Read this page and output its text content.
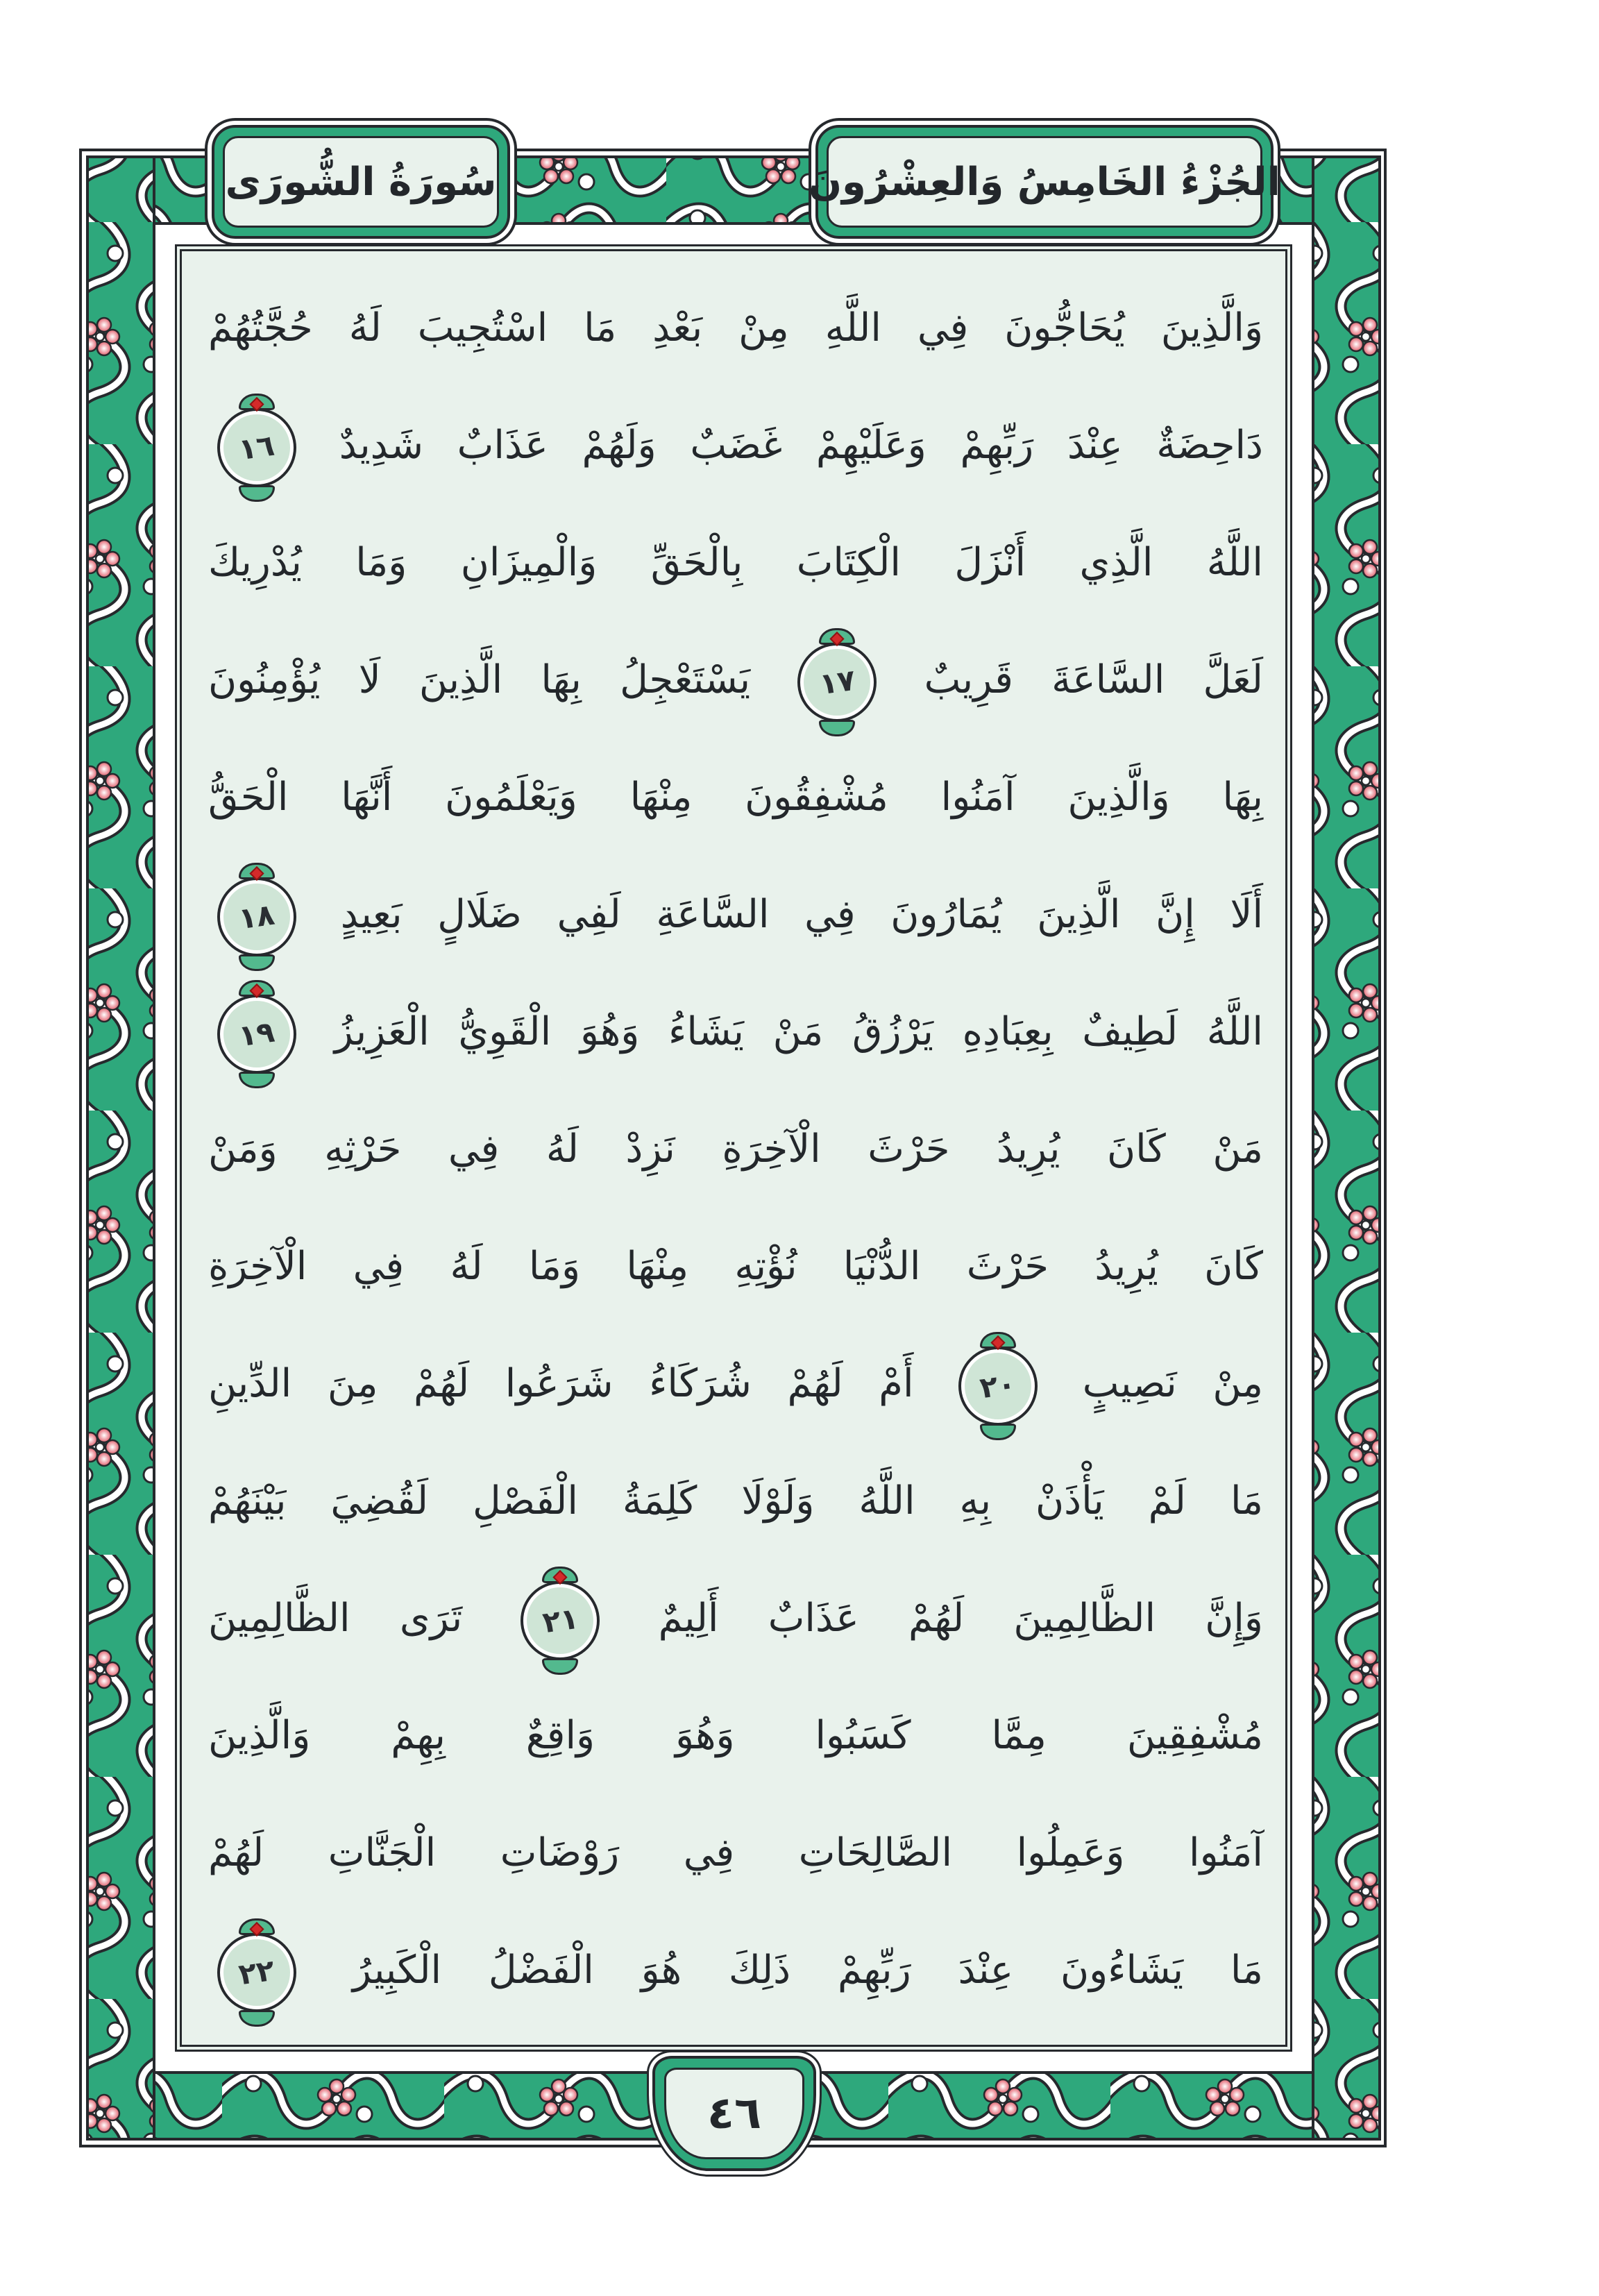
الجُزْءُ الخَامِسُ وَالعِشْرُونَ
سُورَةُ الشُّورَى
وَالَّذِينَ يُحَاجُّونَ فِي اللَّهِ مِنْ بَعْدِ مَا اسْتُجِيبَ لَهُ حُجَّتُهُمْ
دَاحِضَةٌ عِنْدَ رَبِّهِمْ وَعَلَيْهِمْ غَضَبٌ وَلَهُمْ عَذَابٌ شَدِيدٌ
١٦
اللَّهُ الَّذِي أَنْزَلَ الْكِتَابَ بِالْحَقِّ وَالْمِيزَانِ وَمَا يُدْرِيكَ
لَعَلَّ السَّاعَةَ قَرِيبٌ
١٧
يَسْتَعْجِلُ بِهَا الَّذِينَ لَا يُؤْمِنُونَ
بِهَا وَالَّذِينَ آمَنُوا مُشْفِقُونَ مِنْهَا وَيَعْلَمُونَ أَنَّهَا الْحَقُّ
أَلَا إِنَّ الَّذِينَ يُمَارُونَ فِي السَّاعَةِ لَفِي ضَلَالٍ بَعِيدٍ
١٨
اللَّهُ لَطِيفٌ بِعِبَادِهِ يَرْزُقُ مَنْ يَشَاءُ وَهُوَ الْقَوِيُّ الْعَزِيزُ
١٩
مَنْ كَانَ يُرِيدُ حَرْثَ الْآخِرَةِ نَزِدْ لَهُ فِي حَرْثِهِ وَمَنْ
كَانَ يُرِيدُ حَرْثَ الدُّنْيَا نُؤْتِهِ مِنْهَا وَمَا لَهُ فِي الْآخِرَةِ
مِنْ نَصِيبٍ
٢٠
أَمْ لَهُمْ شُرَكَاءُ شَرَعُوا لَهُمْ مِنَ الدِّينِ
مَا لَمْ يَأْذَنْ بِهِ اللَّهُ وَلَوْلَا كَلِمَةُ الْفَصْلِ لَقُضِيَ بَيْنَهُمْ
وَإِنَّ الظَّالِمِينَ لَهُمْ عَذَابٌ أَلِيمٌ
٢١
تَرَى الظَّالِمِينَ
مُشْفِقِينَ مِمَّا كَسَبُوا وَهُوَ وَاقِعٌ بِهِمْ وَالَّذِينَ
آمَنُوا وَعَمِلُوا الصَّالِحَاتِ فِي رَوْضَاتِ الْجَنَّاتِ لَهُمْ
مَا يَشَاءُونَ عِنْدَ رَبِّهِمْ ذَلِكَ هُوَ الْفَضْلُ الْكَبِيرُ
٢٢
٤٦
